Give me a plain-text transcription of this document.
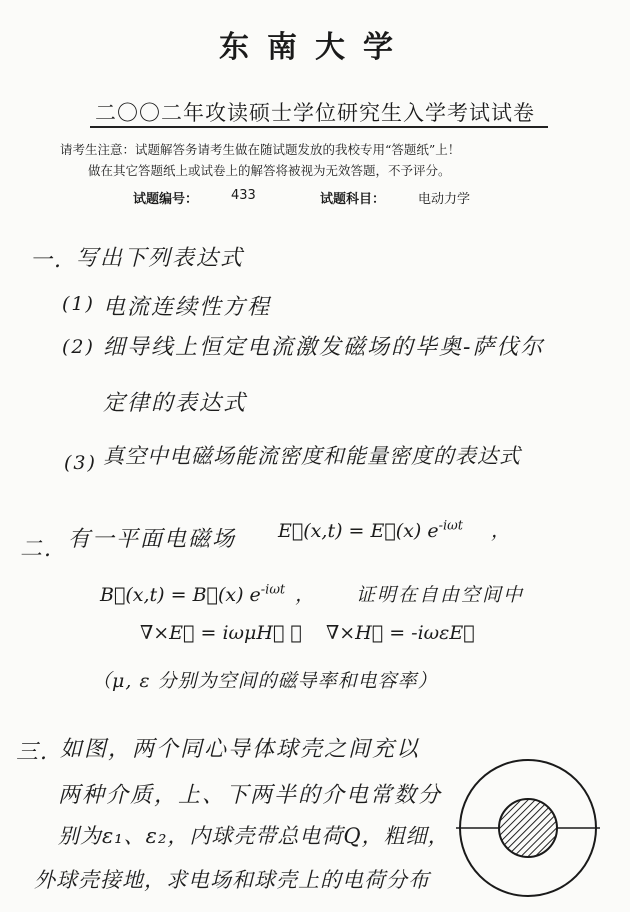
东南大学
二〇〇二年攻读硕士学位研究生入学考试试卷
请考生注意：试题解答务请考生做在随试题发放的我校专用“答题纸”上！
做在其它答题纸上或试卷上的解答将被视为无效答题，不予评分。
试题编号：	433	试题科目：	电动力学
一. 写出下列表达式
(1) 电流连续性方程
(2) 细导线上恒定电流激发磁场的毕奥-萨伐尔
定律的表达式
(3) 真空中电磁场能流密度和能量密度的表达式
二. 有一平面电磁场 E⃗(x,t) = E⃗(x) $e^{-i\omega t}$ ，
B⃗(x,t) = B⃗(x) $e^{-i\omega t}$ ， 证明在自由空间中
∇×E⃗ = iωμH⃗ ， ∇×H⃗ = -iωεE⃗
（μ, ε 分别为空间的磁导率和电容率）
三. 如图，两个同心导体球壳之间充以
两种介质，上、下两半的介电常数分
别为ε₁、ε₂，内球壳带总电荷Q，粗细，
外球壳接地，求电场和球壳上的电荷分布
